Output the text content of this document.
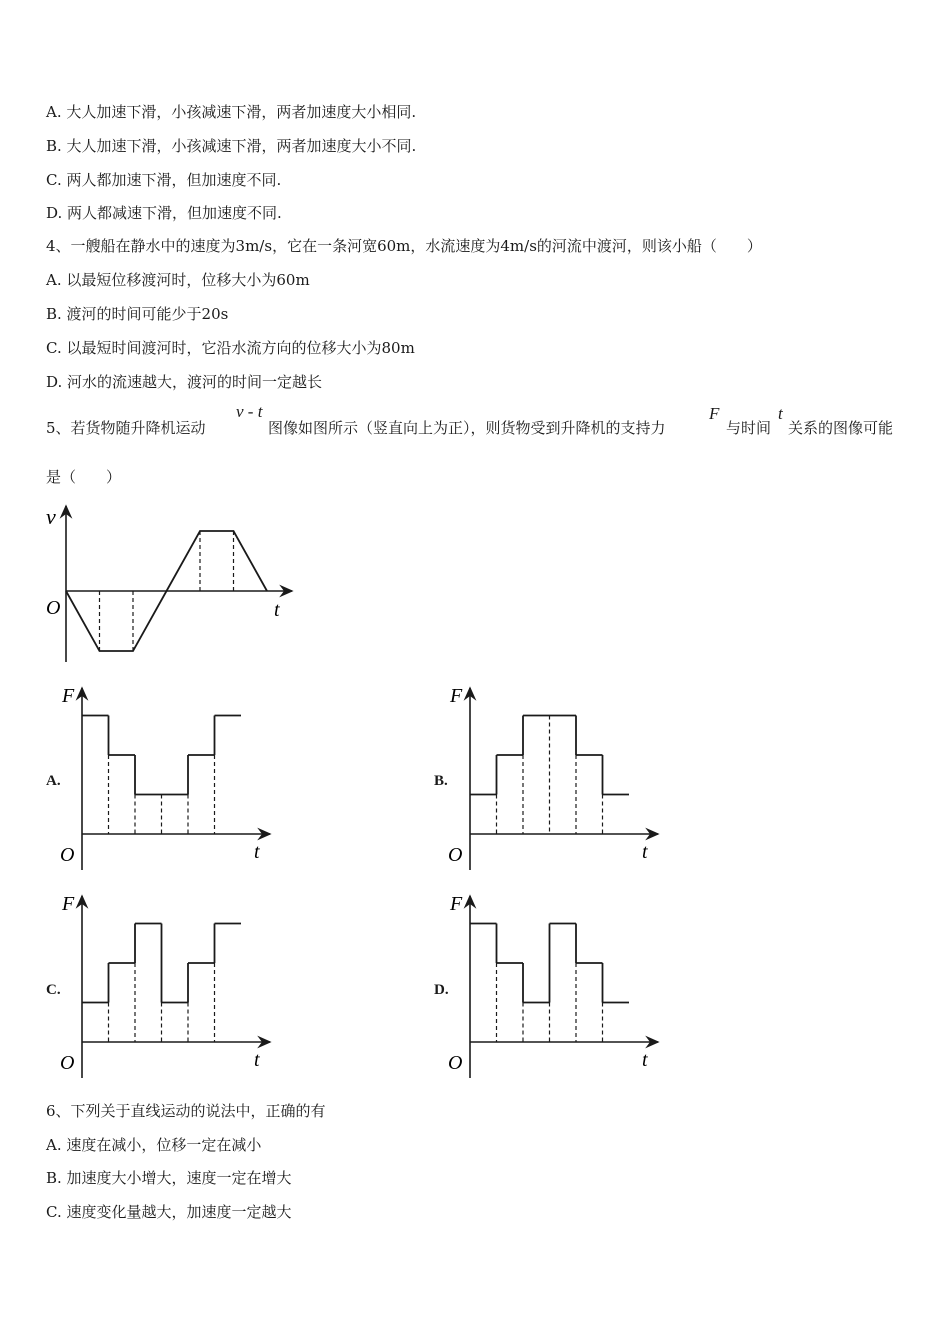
A. 大人加速下滑，小孩减速下滑，两者加速度大小相同.
B. 大人加速下滑，小孩减速下滑，两者加速度大小不同.
C. 两人都加速下滑，但加速度不同.
D. 两人都减速下滑，但加速度不同.
4、一艘船在静水中的速度为3m/s，它在一条河宽60m，水流速度为4m/s的河流中渡河，则该小船（　　）
A. 以最短位移渡河时，位移大小为60m
B. 渡河的时间可能少于20s
C. 以最短时间渡河时，它沿水流方向的位移大小为80m
D. 河水的流速越大，渡河的时间一定越长
5、若货物随升降机运动
v - t
图像如图所示（竖直向上为正），则货物受到升降机的支持力
F
与时间
t
关系的图像可能
是（　　）
v
O	t
A.	B.
C.	D.
F
O	t
F
O	t
F
O	t
F
O	t
6、下列关于直线运动的说法中，正确的有
A. 速度在减小，位移一定在减小
B. 加速度大小增大，速度一定在增大
C. 速度变化量越大，加速度一定越大
